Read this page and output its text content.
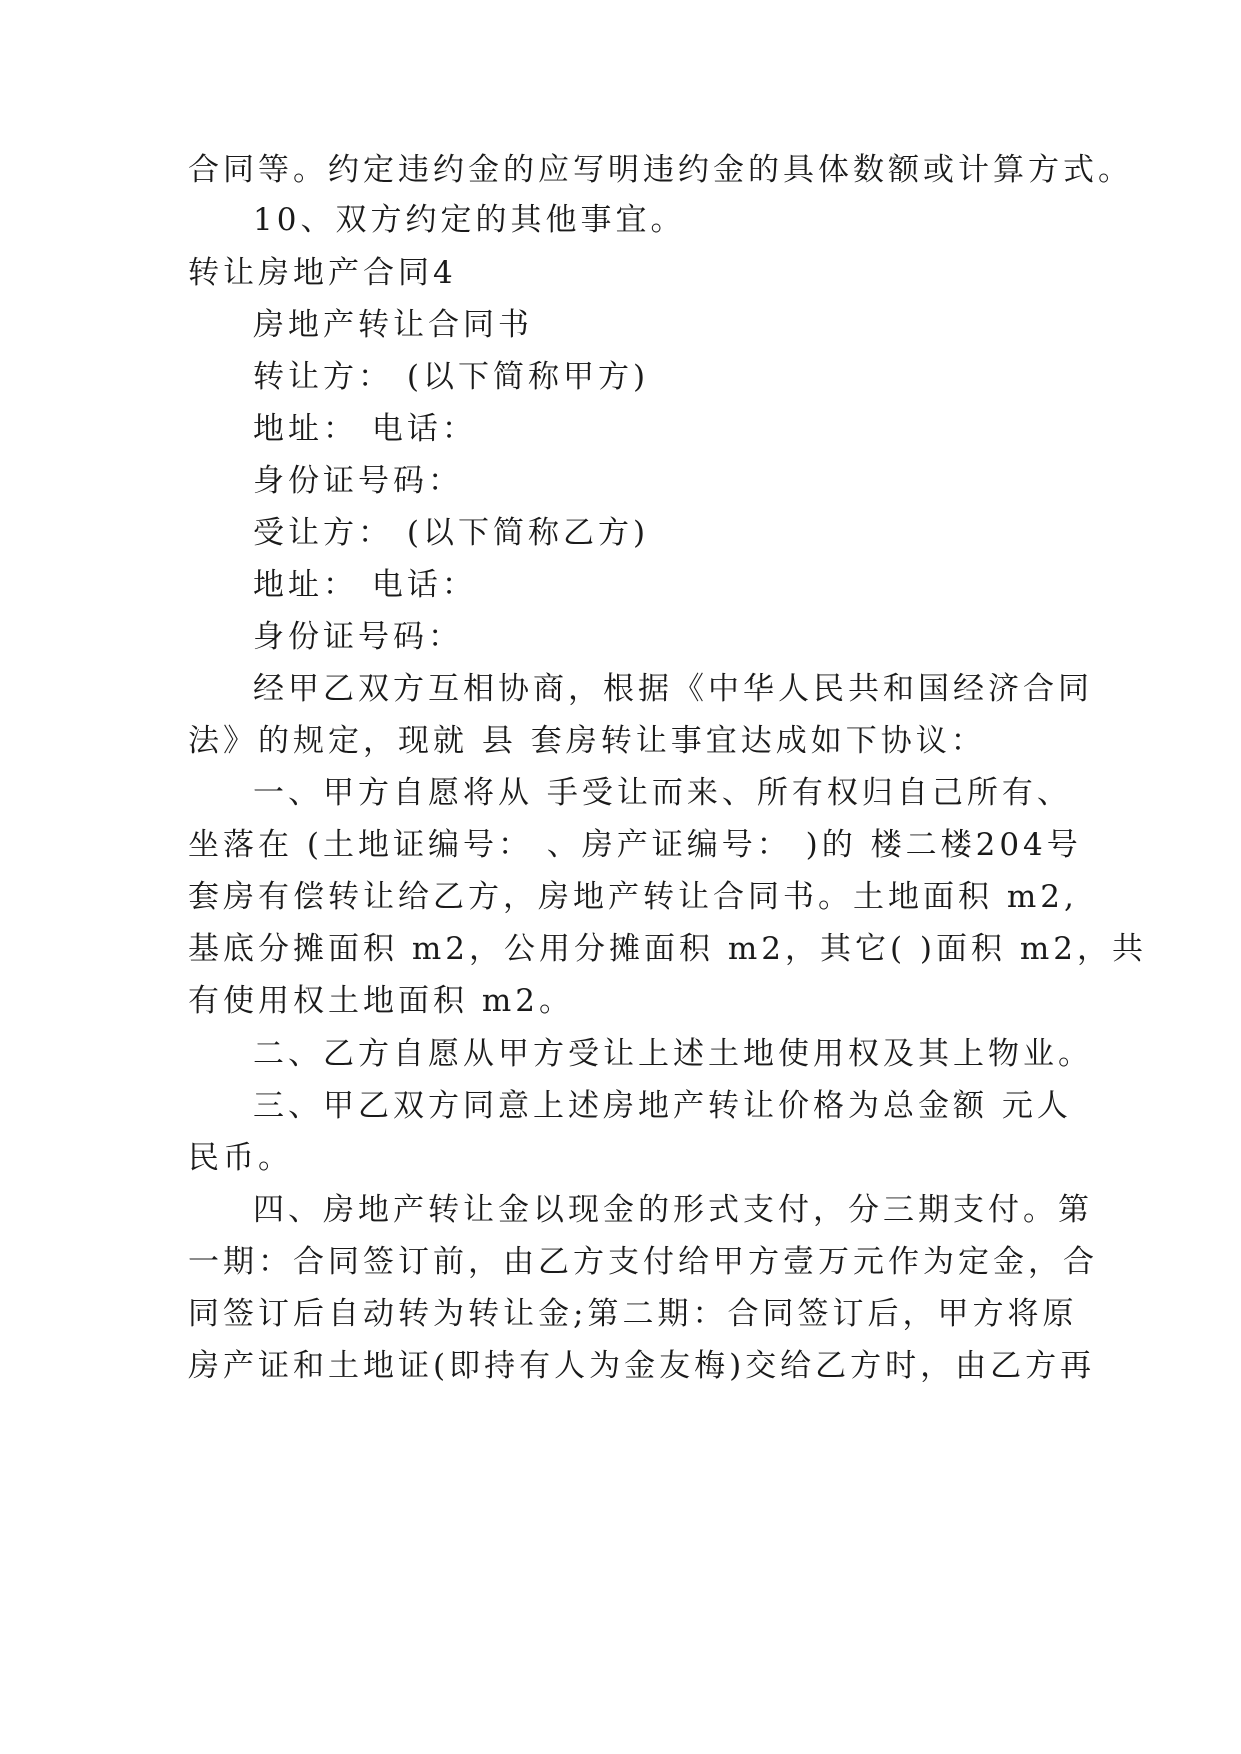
合同等。约定违约金的应写明违约金的具体数额或计算方式。
10、双方约定的其他事宜。
转让房地产合同4
房地产转让合同书
转让方： (以下简称甲方)
地址： 电话：
身份证号码：
受让方： (以下简称乙方)
地址： 电话：
身份证号码：
经甲乙双方互相协商，根据《中华人民共和国经济合同
法》的规定，现就 县 套房转让事宜达成如下协议：
一、甲方自愿将从 手受让而来、所有权归自己所有、
坐落在 (土地证编号： 、房产证编号： )的 楼二楼204号
套房有偿转让给乙方，房地产转让合同书。土地面积 m2,
基底分摊面积 m2，公用分摊面积 m2，其它( )面积 m2，共
有使用权土地面积 m2。
二、乙方自愿从甲方受让上述土地使用权及其上物业。
三、甲乙双方同意上述房地产转让价格为总金额 元人
民币。
四、房地产转让金以现金的形式支付，分三期支付。第
一期：合同签订前，由乙方支付给甲方壹万元作为定金，合
同签订后自动转为转让金;第二期：合同签订后，甲方将原
房产证和土地证(即持有人为金友梅)交给乙方时，由乙方再
